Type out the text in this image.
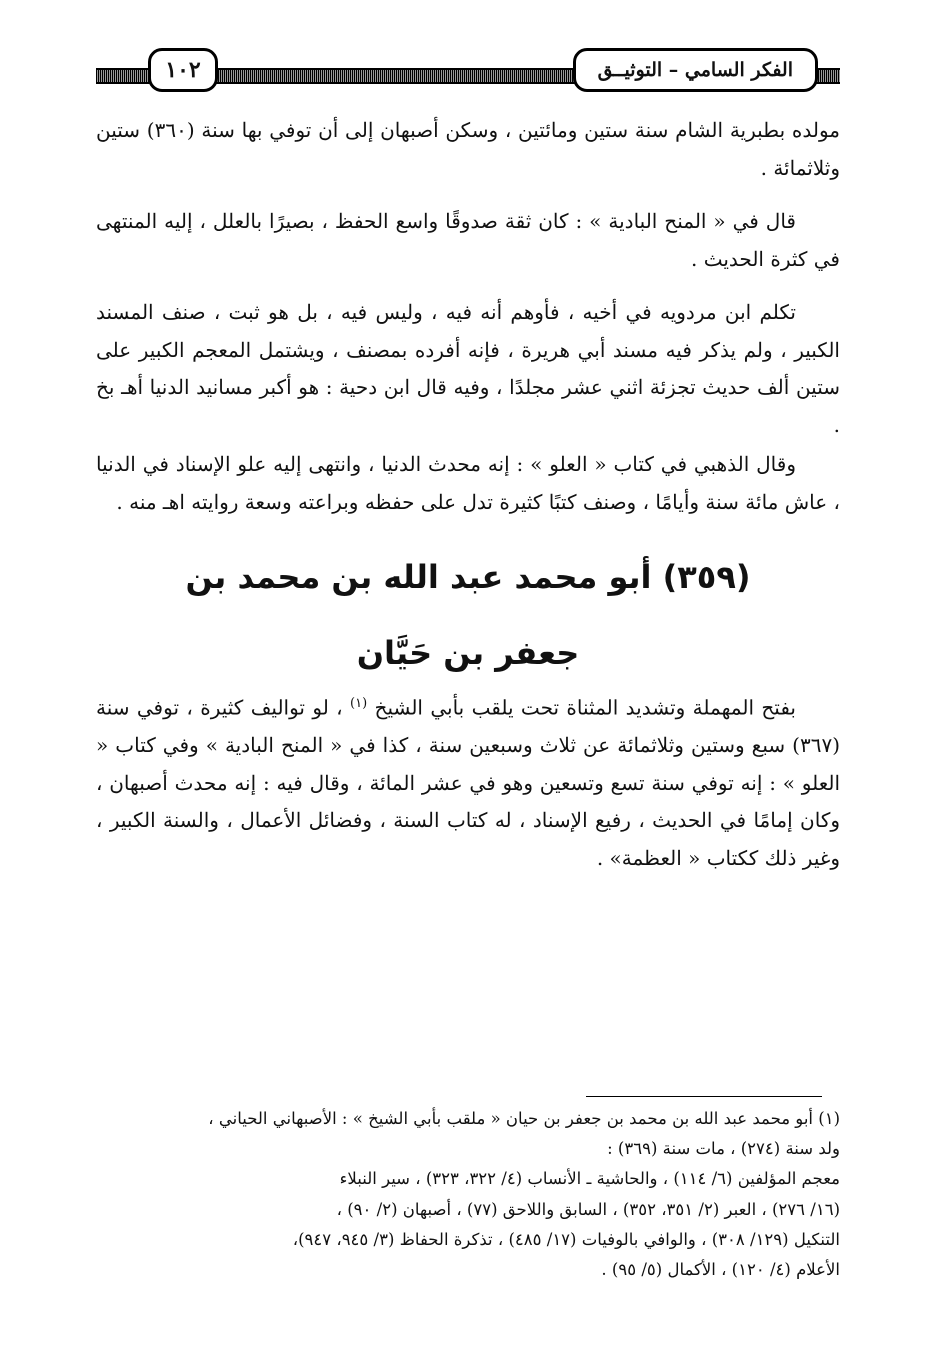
الفكر السامي – التوثيــق
١٠٢

مولده بطبرية الشام سنة ستين ومائتين ، وسكن أصبهان إلى أن توفي بها سنة (٣٦٠) ستين وثلاثمائة .

قال في « المنح البادية » : كان ثقة صدوقًا واسع الحفظ ، بصيرًا بالعلل ، إليه المنتهى في كثرة الحديث .

تكلم ابن مردويه في أخيه ، فأوهم أنه فيه ، وليس فيه ، بل هو ثبت ، صنف المسند الكبير ، ولم يذكر فيه مسند أبي هريرة ، فإنه أفرده بمصنف ، ويشتمل المعجم الكبير على ستين ألف حديث تجزئة اثني عشر مجلدًا ، وفيه قال ابن دحية : هو أكبر مسانيد الدنيا أهـ بخ .

وقال الذهبي في كتاب « العلو » : إنه محدث الدنيا ، وانتهى إليه علو الإسناد في الدنيا ، عاش مائة سنة وأيامًا ، وصنف كتبًا كثيرة تدل على حفظه وبراعته وسعة روايته اهـ منه .

(٣٥٩) أبو محمد عبد الله بن محمد بن
جعفر بن حَيَّان

بفتح المهملة وتشديد المثناة تحت يلقب بأبي الشيخ $^{(١)}$ ، لو تواليف كثيرة ، توفي سنة (٣٦٧) سبع وستين وثلاثمائة عن ثلاث وسبعين سنة ، كذا في « المنح البادية » وفي كتاب « العلو » : إنه توفي سنة تسع وتسعين وهو في عشر المائة ، وقال فيه : إنه محدث أصبهان ، وكان إمامًا في الحديث ، رفيع الإسناد ، له كتاب السنة ، وفضائل الأعمال ، والسنة الكبير ، وغير ذلك ككتاب « العظمة» .

(١) أبو محمد عبد الله بن محمد بن جعفر بن حيان « ملقب بأبي الشيخ » : الأصبهاني الحياني ،

ولد سنة (٢٧٤) ، مات سنة (٣٦٩) :

معجم المؤلفين (٦/ ١١٤) ، والحاشية ـ الأنساب (٤/ ٣٢٢، ٣٢٣) ، سير النبلاء

(١٦/ ٢٧٦) ، العبر (٢/ ٣٥١، ٣٥٢) ، السابق واللاحق (٧٧) ، أصبهان (٢/ ٩٠) ،

التنكيل (١٢٩/ ٣٠٨) ، والوافي بالوفيات (١٧/ ٤٨٥) ، تذكرة الحفاظ (٣/ ٩٤٥، ٩٤٧)،

الأعلام (٤/ ١٢٠) ، الأكمال (٥/ ٩٥) .
